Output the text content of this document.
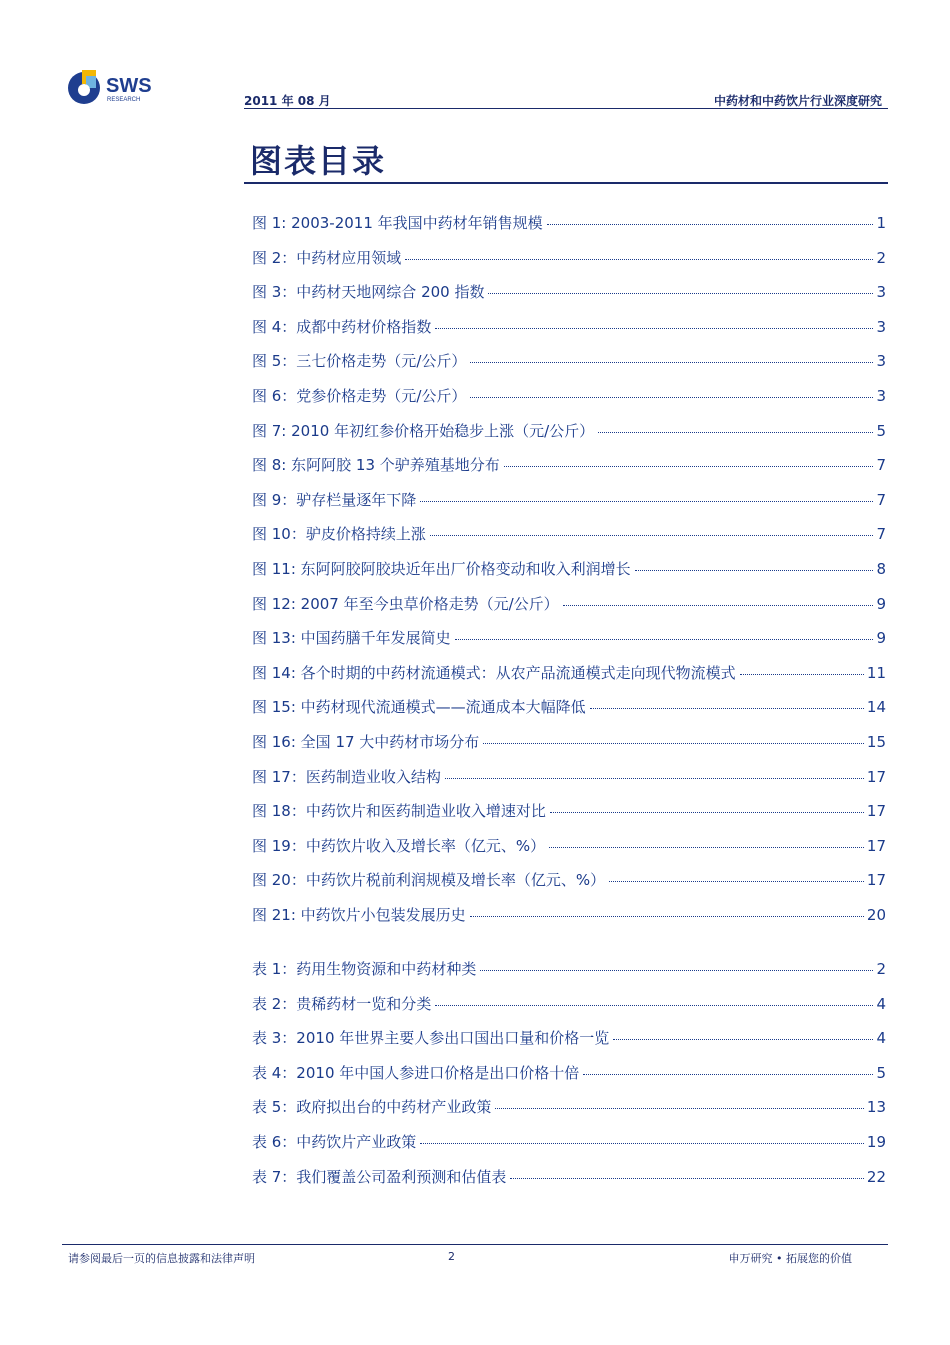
SWS
RESEARCH	2011 年 08 月	中药材和中药饮片行业深度研究
图表目录
图 1: 2003-2011 年我国中药材年销售规模	1
图 2：中药材应用领域	2
图 3：中药材天地网综合 200 指数	3
图 4：成都中药材价格指数	3
图 5：三七价格走势（元/公斤）	3
图 6：党参价格走势（元/公斤）	3
图 7: 2010 年初红参价格开始稳步上涨（元/公斤）	5
图 8: 东阿阿胶 13 个驴养殖基地分布	7
图 9：驴存栏量逐年下降	7
图 10：驴皮价格持续上涨	7
图 11: 东阿阿胶阿胶块近年出厂价格变动和收入利润增长	8
图 12: 2007 年至今虫草价格走势（元/公斤）	9
图 13: 中国药膳千年发展简史	9
图 14: 各个时期的中药材流通模式：从农产品流通模式走向现代物流模式	11
图 15: 中药材现代流通模式——流通成本大幅降低	14
图 16: 全国 17 大中药材市场分布	15
图 17：医药制造业收入结构	17
图 18：中药饮片和医药制造业收入增速对比	17
图 19：中药饮片收入及增长率（亿元、%）	17
图 20：中药饮片税前利润规模及增长率（亿元、%）	17
图 21: 中药饮片小包装发展历史	20
表 1：药用生物资源和中药材种类	2
表 2：贵稀药材一览和分类	4
表 3：2010 年世界主要人参出口国出口量和价格一览	4
表 4：2010 年中国人参进口价格是出口价格十倍	5
表 5：政府拟出台的中药材产业政策	13
表 6：中药饮片产业政策	19
表 7：我们覆盖公司盈利预测和估值表	22
请参阅最后一页的信息披露和法律声明	2	申万研究 • 拓展您的价值
